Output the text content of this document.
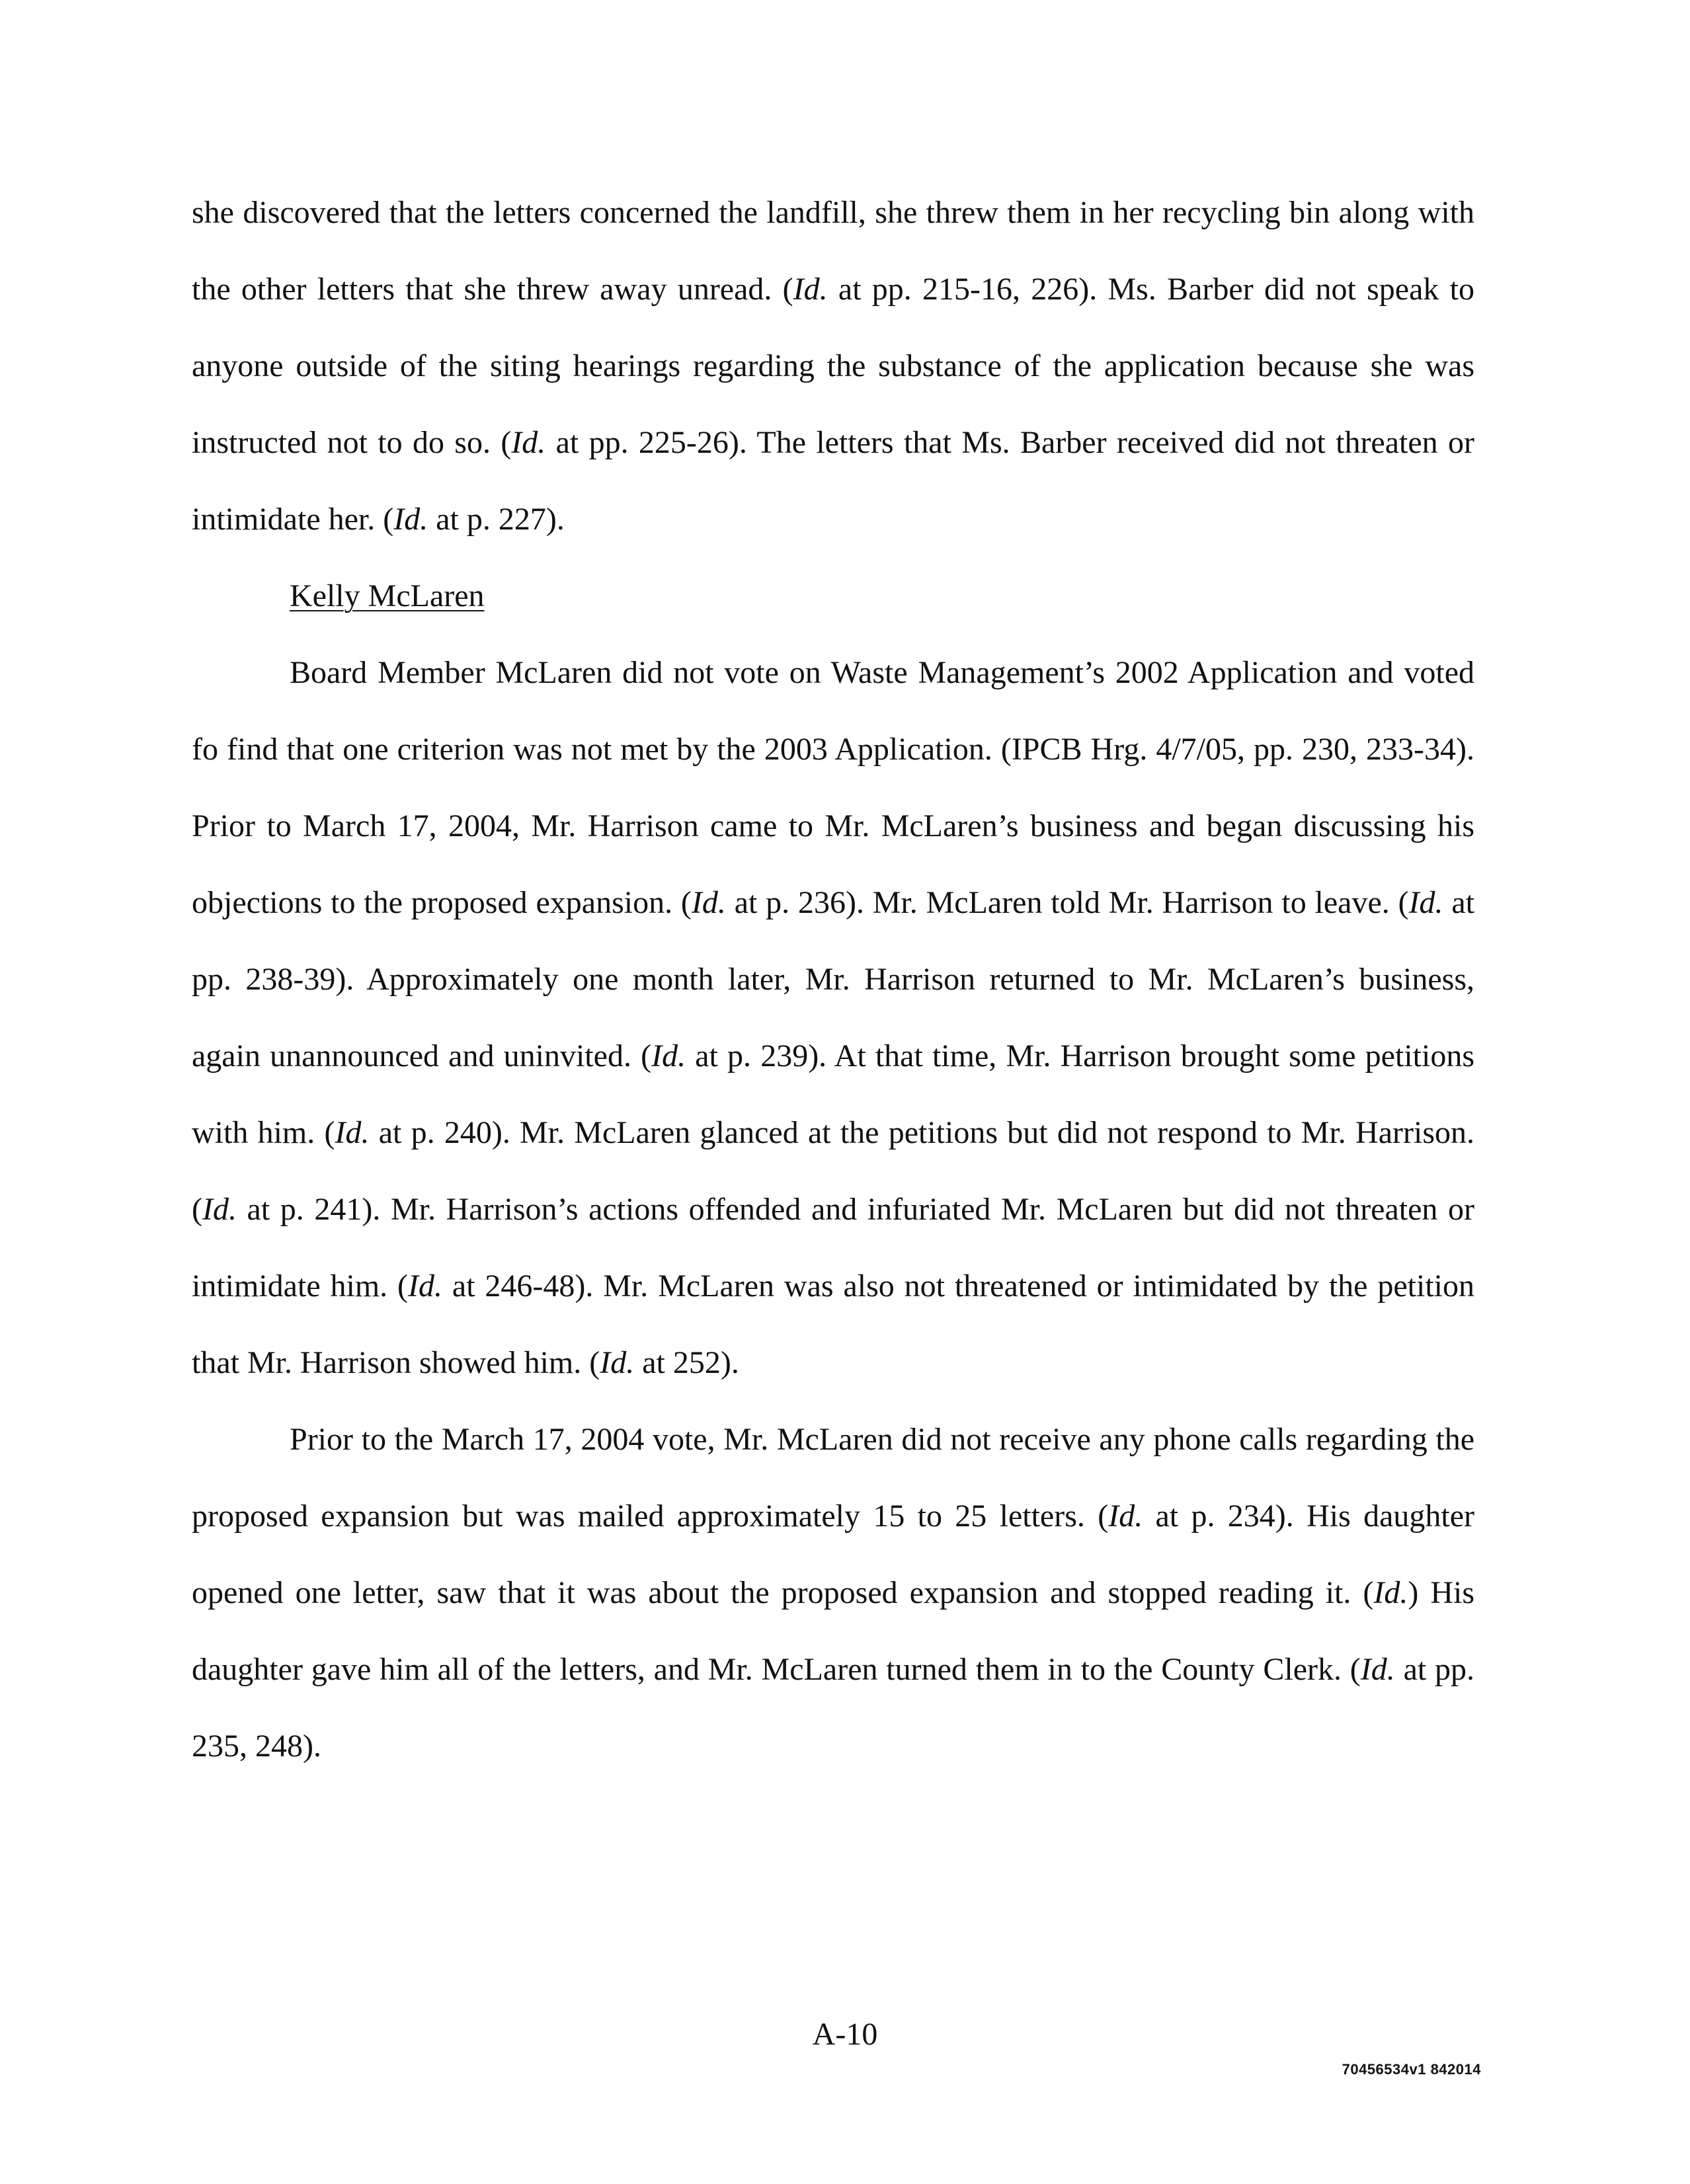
she discovered that the letters concerned the landfill, she threw them in her recycling bin along with the other letters that she threw away unread. (Id. at pp. 215-16, 226). Ms. Barber did not speak to anyone outside of the siting hearings regarding the substance of the application because she was instructed not to do so. (Id. at pp. 225-26). The letters that Ms. Barber received did not threaten or intimidate her. (Id. at p. 227).

Kelly McLaren

Board Member McLaren did not vote on Waste Management’s 2002 Application and voted fo find that one criterion was not met by the 2003 Application. (IPCB Hrg. 4/7/05, pp. 230, 233-34). Prior to March 17, 2004, Mr. Harrison came to Mr. McLaren’s business and began discussing his objections to the proposed expansion. (Id. at p. 236). Mr. McLaren told Mr. Harrison to leave. (Id. at pp. 238-39). Approximately one month later, Mr. Harrison returned to Mr. McLaren’s business, again unannounced and uninvited. (Id. at p. 239). At that time, Mr. Harrison brought some petitions with him. (Id. at p. 240). Mr. McLaren glanced at the petitions but did not respond to Mr. Harrison. (Id. at p. 241). Mr. Harrison’s actions offended and infuriated Mr. McLaren but did not threaten or intimidate him. (Id. at 246-48). Mr. McLaren was also not threatened or intimidated by the petition that Mr. Harrison showed him. (Id. at 252).

Prior to the March 17, 2004 vote, Mr. McLaren did not receive any phone calls regarding the proposed expansion but was mailed approximately 15 to 25 letters. (Id. at p. 234). His daughter opened one letter, saw that it was about the proposed expansion and stopped reading it. (Id.) His daughter gave him all of the letters, and Mr. McLaren turned them in to the County Clerk. (Id. at pp. 235, 248).

A-10
70456534v1 842014
